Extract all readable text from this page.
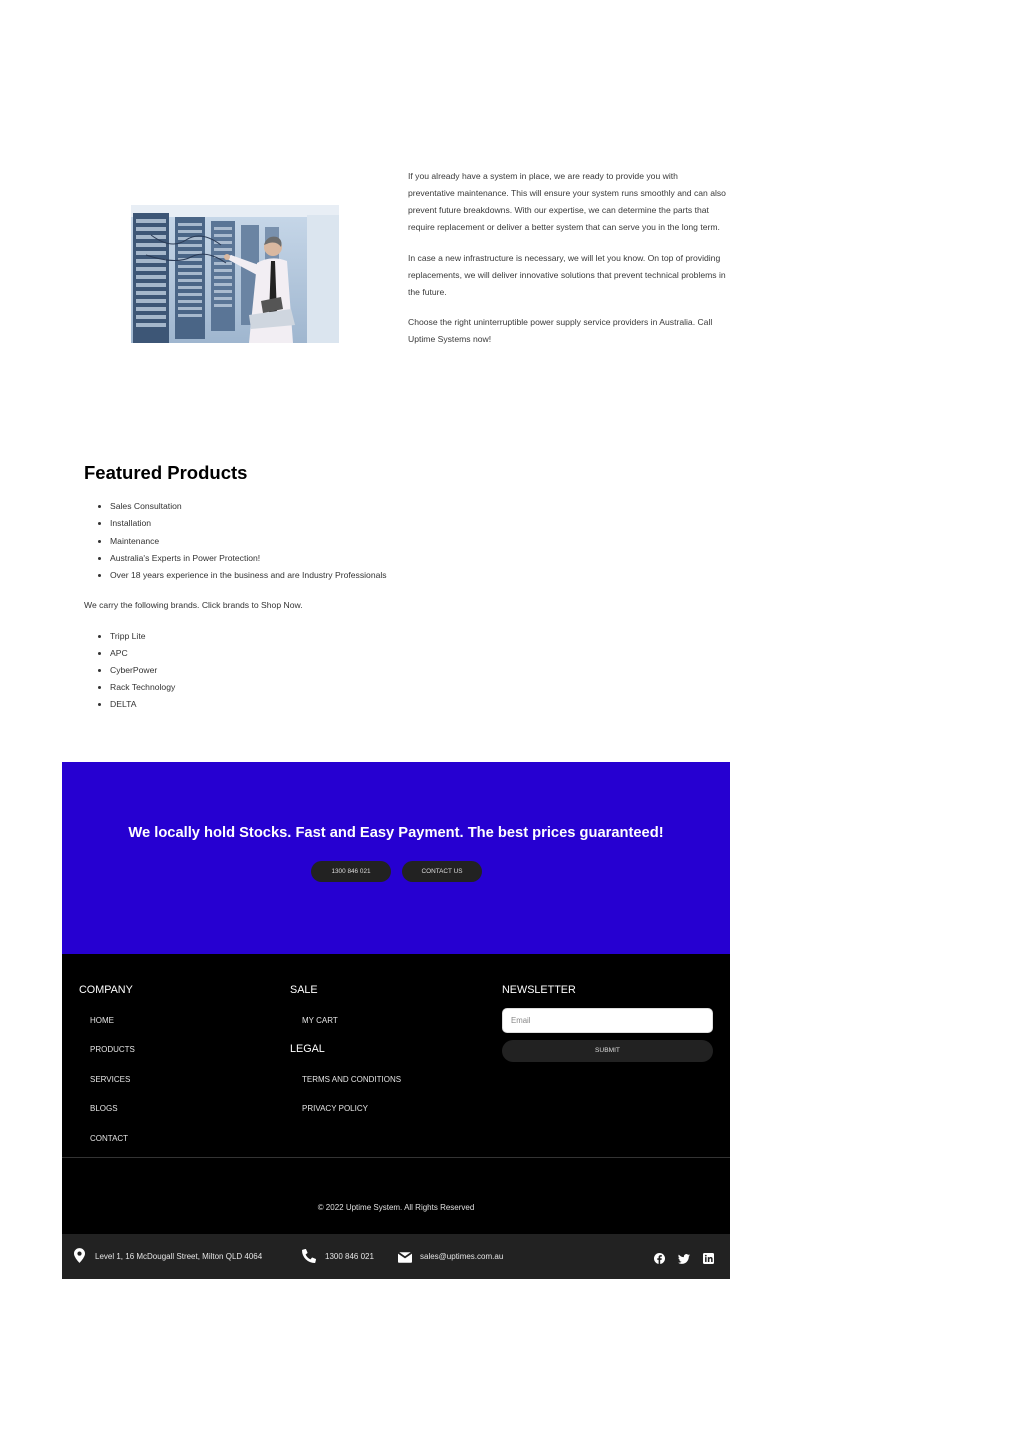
If you already have a system in place, we are ready to provide you with preventative maintenance. This will ensure your system runs smoothly and can also prevent future breakdowns. With our expertise, we can determine the parts that require replacement or deliver a better system that can serve you in the long term.

In case a new infrastructure is necessary, we will let you know. On top of providing replacements, we will deliver innovative solutions that prevent technical problems in the future.

Choose the right uninterruptible power supply service providers in Australia. Call Uptime Systems now!

Featured Products
• Sales Consultation
• Installation
• Maintenance
• Australia's Experts in Power Protection!
• Over 18 years experience in the business and are Industry Professionals

We carry the following brands. Click brands to Shop Now.

• Tripp Lite
• APC
• CyberPower
• Rack Technology
• DELTA
We locally hold Stocks. Fast and Easy Payment. The best prices guaranteed!
1300 846 021	CONTACT US
COMPANY
HOME
PRODUCTS
SERVICES
BLOGS
CONTACT
SALE
MY CART
LEGAL
TERMS AND CONDITIONS
PRIVACY POLICY
NEWSLETTER
Email
SUBMIT
© 2022 Uptime System. All Rights Reserved
Level 1, 16 McDougall Street, Milton QLD 4064	1300 846 021	sales@uptimes.com.au
